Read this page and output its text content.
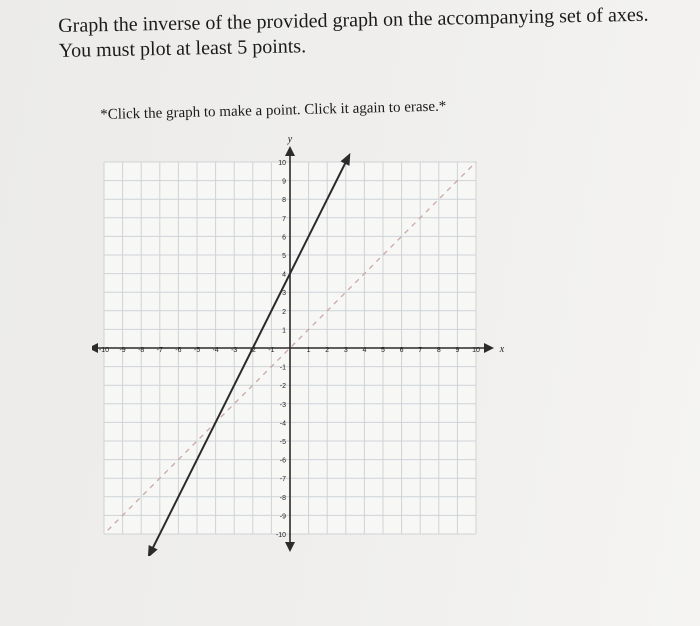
Graph the inverse of the provided graph on the accompanying set of axes.
You must plot at least 5 points.
*Click the graph to make a point. Click it again to erase.*
-10 -9 -8 -7 -6 -5 -4 -3 -2 -1	1 2 3 4 5 6 7 8 9 10
10
9
8
7
6
5
4
3
2
1
-1
-2
-3
-4
-5
-6
-7
-8
-9
-10
x
y
